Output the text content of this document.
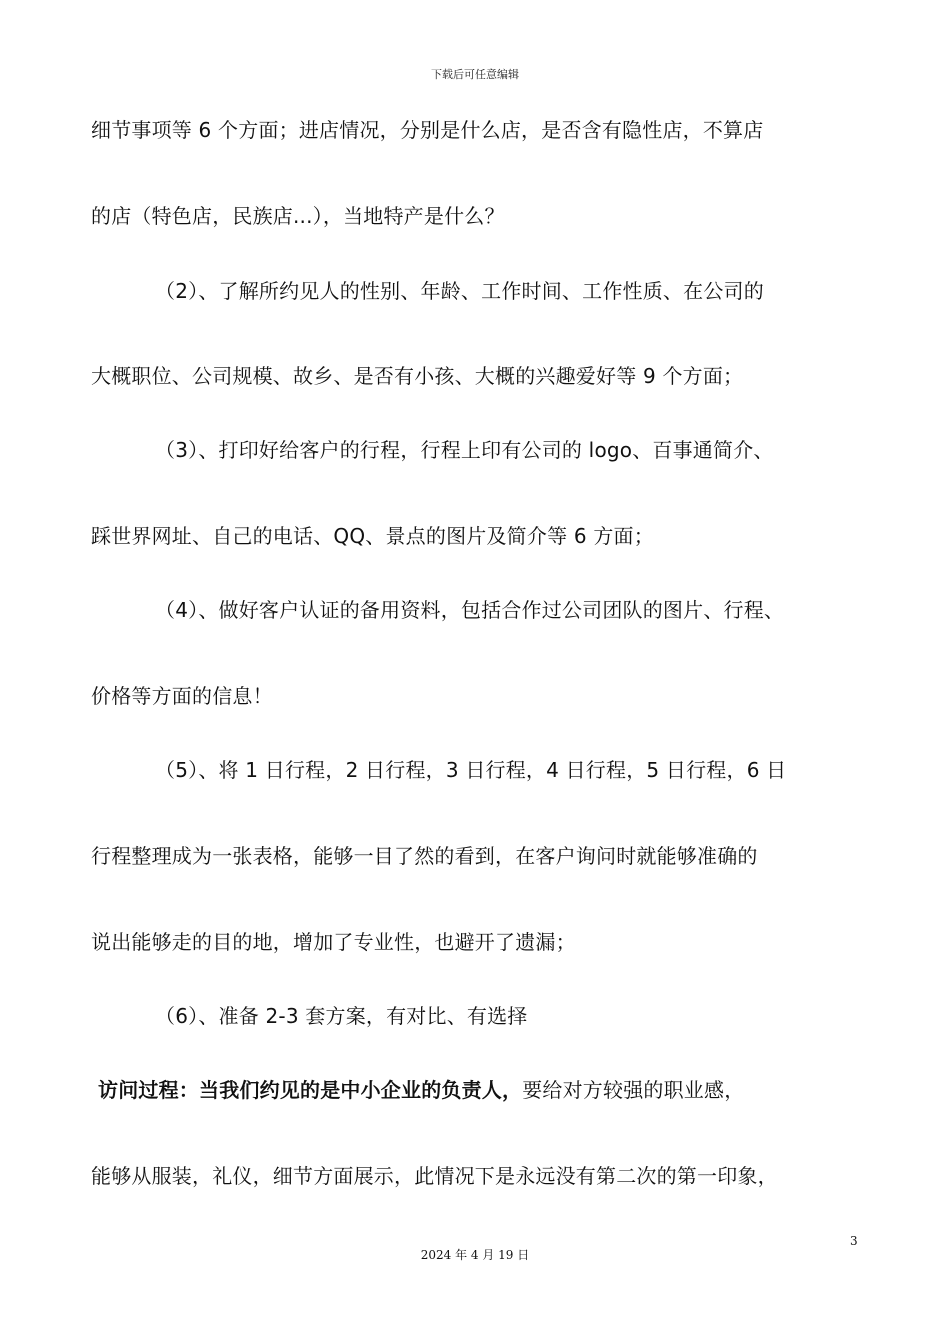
下载后可任意编辑
细节事项等 6 个方面；进店情况，分别是什么店，是否含有隐性店，不算店
的店（特色店，民族店...），当地特产是什么？
（2）、了解所约见人的性别、年龄、工作时间、工作性质、在公司的
大概职位、公司规模、故乡、是否有小孩、大概的兴趣爱好等 9 个方面；
（3）、打印好给客户的行程，行程上印有公司的 logo、百事通简介、
踩世界网址、自己的电话、QQ、景点的图片及简介等 6 方面；
（4）、做好客户认证的备用资料，包括合作过公司团队的图片、行程、
价格等方面的信息！
（5）、将 1 日行程，2 日行程，3 日行程，4 日行程，5 日行程，6 日
行程整理成为一张表格，能够一目了然的看到，在客户询问时就能够准确的
说出能够走的目的地，增加了专业性，也避开了遗漏；
（6）、准备 2-3 套方案，有对比、有选择
访问过程：当我们约见的是中小企业的负责人，要给对方较强的职业感，
能够从服装，礼仪，细节方面展示，此情况下是永远没有第二次的第一印象，
3
2024 年 4 月 19 日
